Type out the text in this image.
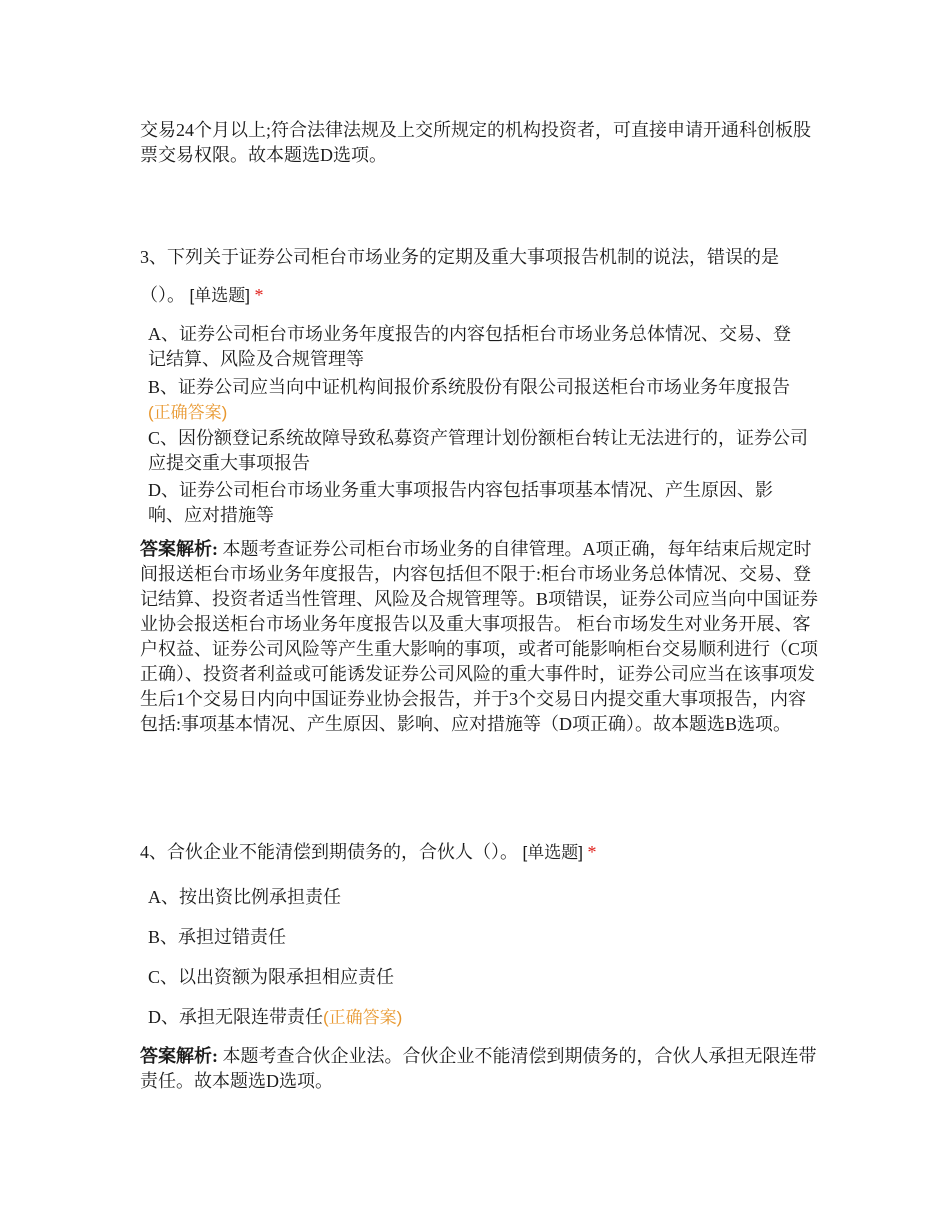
交易24个月以上;符合法律法规及上交所规定的机构投资者，可直接申请开通科创板股票交易权限。故本题选D选项。
3、下列关于证券公司柜台市场业务的定期及重大事项报告机制的说法，错误的是（）。 [单选题] *
A、证券公司柜台市场业务年度报告的内容包括柜台市场业务总体情况、交易、登记结算、风险及合规管理等
B、证券公司应当向中证机构间报价系统股份有限公司报送柜台市场业务年度报告(正确答案)
C、因份额登记系统故障导致私募资产管理计划份额柜台转让无法进行的，证券公司应提交重大事项报告
D、证券公司柜台市场业务重大事项报告内容包括事项基本情况、产生原因、影响、应对措施等
答案解析: 本题考查证券公司柜台市场业务的自律管理。A项正确，每年结束后规定时间报送柜台市场业务年度报告，内容包括但不限于:柜台市场业务总体情况、交易、登记结算、投资者适当性管理、风险及合规管理等。B项错误，证券公司应当向中国证券业协会报送柜台市场业务年度报告以及重大事项报告。 柜台市场发生对业务开展、客户权益、证券公司风险等产生重大影响的事项，或者可能影响柜台交易顺利进行（C项正确）、投资者利益或可能诱发证券公司风险的重大事件时，证券公司应当在该事项发生后1个交易日内向中国证券业协会报告，并于3个交易日内提交重大事项报告，内容包括:事项基本情况、产生原因、影响、应对措施等（D项正确）。故本题选B选项。
4、合伙企业不能清偿到期债务的，合伙人（）。 [单选题] *
A、按出资比例承担责任
B、承担过错责任
C、以出资额为限承担相应责任
D、承担无限连带责任(正确答案)
答案解析: 本题考查合伙企业法。合伙企业不能清偿到期债务的，合伙人承担无限连带责任。故本题选D选项。
